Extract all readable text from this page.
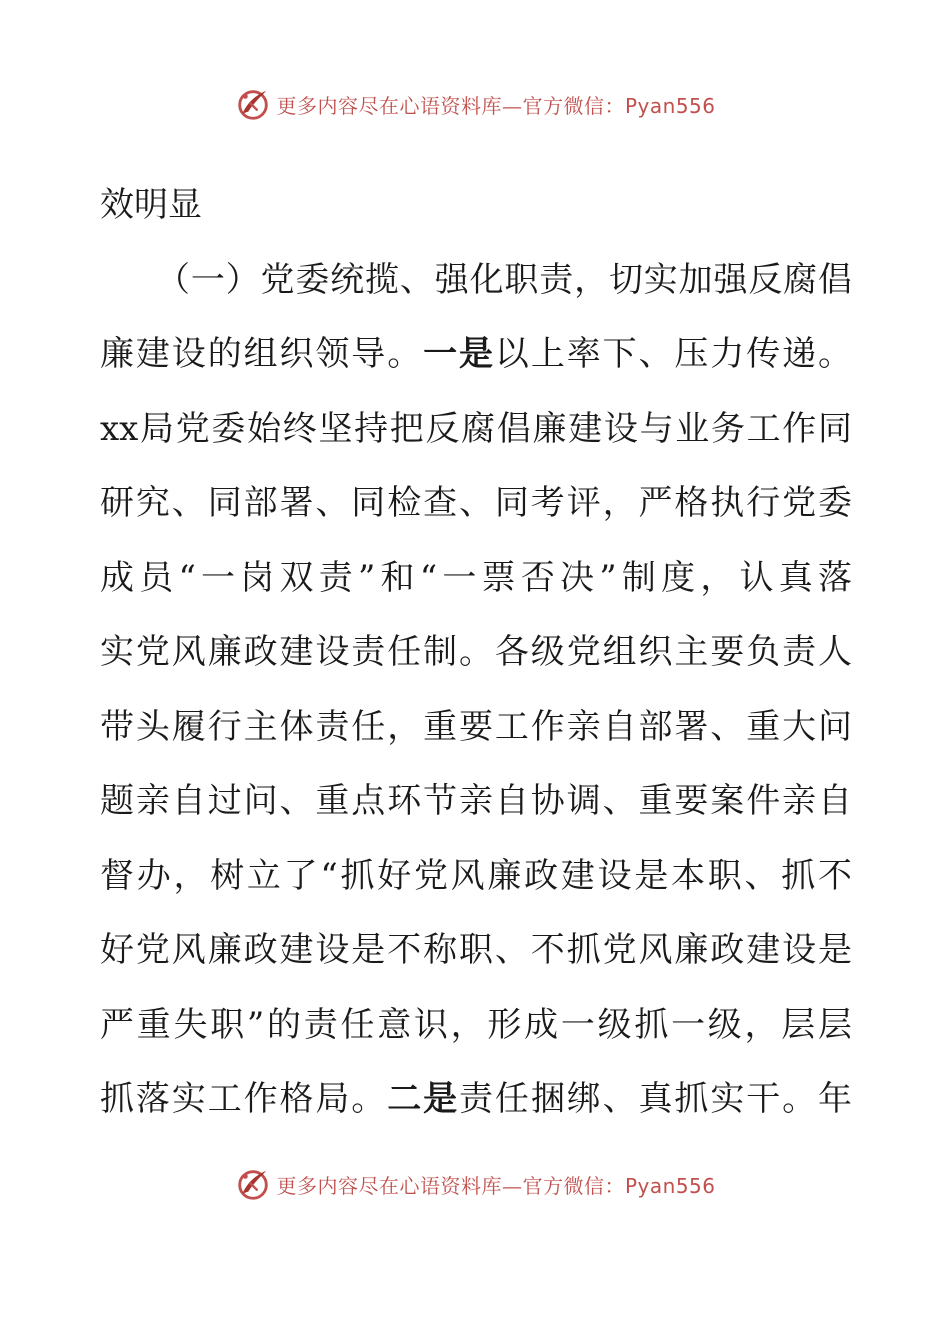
更多内容尽在心语资料库—官方微信：Pyan556
效明显
（一）党委统揽、强化职责，切实加强反腐倡
廉建设的组织领导。一是以上率下、压力传递。
xx局党委始终坚持把反腐倡廉建设与业务工作同
研究、同部署、同检查、同考评，严格执行党委
成员“一岗双责”和“一票否决”制度，认真落
实党风廉政建设责任制。各级党组织主要负责人
带头履行主体责任，重要工作亲自部署、重大问
题亲自过问、重点环节亲自协调、重要案件亲自
督办，树立了“抓好党风廉政建设是本职、抓不
好党风廉政建设是不称职、不抓党风廉政建设是
严重失职”的责任意识，形成一级抓一级，层层
抓落实工作格局。二是责任捆绑、真抓实干。年
更多内容尽在心语资料库—官方微信：Pyan556
